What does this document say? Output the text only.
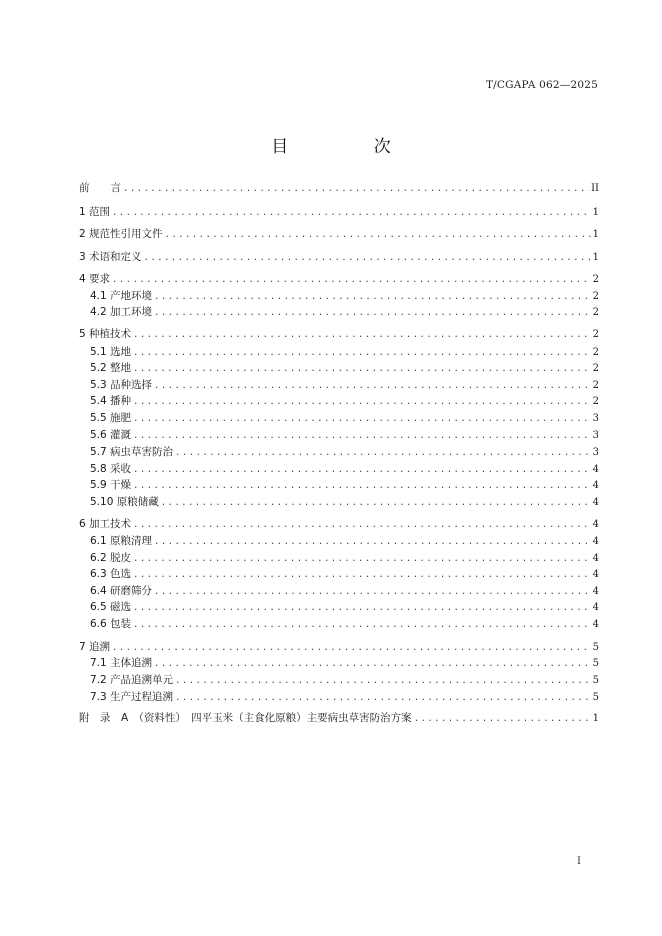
T/CGAPA 062—2025
目 次
前　　言 .....	II
1 范围 .....	1
2 规范性引用文件 .....	1
3 术语和定义 .....	1
4 要求 .....	2
4.1 产地环境 .....	2
4.2 加工环境 .....	2
5 种植技术 .....	2
5.1 选地 .....	2
5.2 整地 .....	2
5.3 品种选择 .....	2
5.4 播种 .....	2
5.5 施肥 .....	3
5.6 灌溉 .....	3
5.7 病虫草害防治 .....	3
5.8 采收 .....	4
5.9 干燥 .....	4
5.10 原粮储藏 .....	4
6 加工技术 .....	4
6.1 原粮清理 .....	4
6.2 脱皮 .....	4
6.3 色选 .....	4
6.4 研磨筛分 .....	4
6.5 磁选 .....	4
6.6 包装 .....	4
7 追溯 .....	5
7.1 主体追溯 .....	5
7.2 产品追溯单元 .....	5
7.3 生产过程追溯 .....	5
附　录　A　（资料性）　四平玉米（主食化原粮）主要病虫草害防治方案 .....	1
I
